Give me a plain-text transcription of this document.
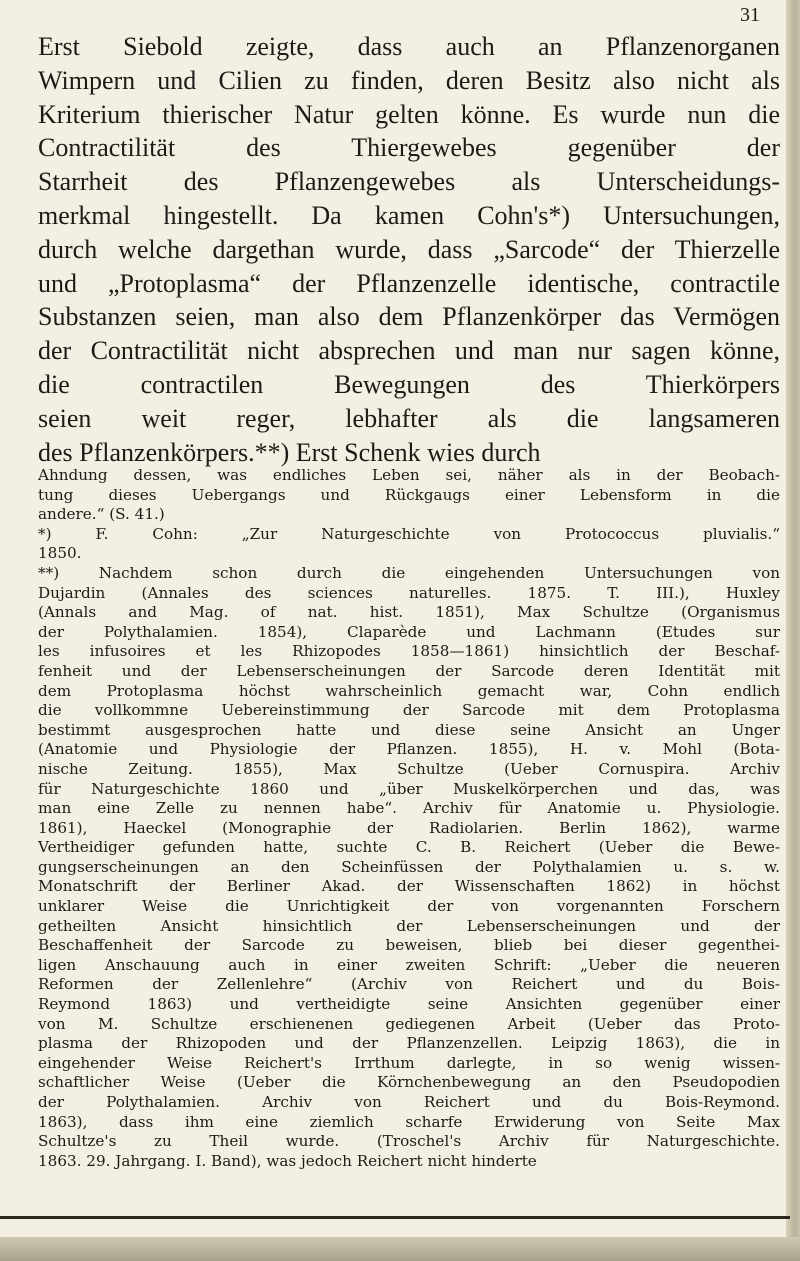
31
Erst Siebold zeigte, dass auch an Pflanzenorganen
Wimpern und Cilien zu finden, deren Besitz also nicht als
Kriterium thierischer Natur gelten könne. Es wurde nun die
Contractilität des Thiergewebes gegenüber der
Starrheit des Pflanzengewebes als Unterscheidungs-
merkmal hingestellt. Da kamen Cohn's*) Untersuchungen,
durch welche dargethan wurde, dass „Sarcode“ der Thierzelle
und „Protoplasma“ der Pflanzenzelle identische, contractile
Substanzen seien, man also dem Pflanzenkörper das Vermögen
der Contractilität nicht absprechen und man nur sagen könne,
die contractilen Bewegungen des Thierkörpers
seien weit reger, lebhafter als die langsameren
des Pflanzenkörpers.**) Erst Schenk wies durch
Ahndung dessen, was endliches Leben sei, näher als in der Beobach-
tung dieses Uebergangs und Rückgaugs einer Lebensform in die
andere.“ (S. 41.)
*) F. Cohn: „Zur Naturgeschichte von Protococcus pluvialis.“
1850.
**) Nachdem schon durch die eingehenden Untersuchungen von
Dujardin (Annales des sciences naturelles. 1875. T. III.), Huxley
(Annals and Mag. of nat. hist. 1851), Max Schultze (Organismus
der Polythalamien. 1854), Claparède und Lachmann (Etudes sur
les infusoires et les Rhizopodes 1858—1861) hinsichtlich der Beschaf-
fenheit und der Lebenserscheinungen der Sarcode deren Identität mit
dem Protoplasma höchst wahrscheinlich gemacht war, Cohn endlich
die vollkommne Uebereinstimmung der Sarcode mit dem Protoplasma
bestimmt ausgesprochen hatte und diese seine Ansicht an Unger
(Anatomie und Physiologie der Pflanzen. 1855), H. v. Mohl (Bota-
nische Zeitung. 1855), Max Schultze (Ueber Cornuspira. Archiv
für Naturgeschichte 1860 und „über Muskelkörperchen und das, was
man eine Zelle zu nennen habe“. Archiv für Anatomie u. Physiologie.
1861), Haeckel (Monographie der Radiolarien. Berlin 1862), warme
Vertheidiger gefunden hatte, suchte C. B. Reichert (Ueber die Bewe-
gungserscheinungen an den Scheinfüssen der Polythalamien u. s. w.
Monatschrift der Berliner Akad. der Wissenschaften 1862) in höchst
unklarer Weise die Unrichtigkeit der von vorgenannten Forschern
getheilten Ansicht hinsichtlich der Lebenserscheinungen und der
Beschaffenheit der Sarcode zu beweisen, blieb bei dieser gegenthei-
ligen Anschauung auch in einer zweiten Schrift: „Ueber die neueren
Reformen der Zellenlehre“ (Archiv von Reichert und du Bois-
Reymond 1863) und vertheidigte seine Ansichten gegenüber einer
von M. Schultze erschienenen gediegenen Arbeit (Ueber das Proto-
plasma der Rhizopoden und der Pflanzenzellen. Leipzig 1863), die in
eingehender Weise Reichert's Irrthum darlegte, in so wenig wissen-
schaftlicher Weise (Ueber die Körnchenbewegung an den Pseudopodien
der Polythalamien. Archiv von Reichert und du Bois-Reymond.
1863), dass ihm eine ziemlich scharfe Erwiderung von Seite Max
Schultze's zu Theil wurde. (Troschel's Archiv für Naturgeschichte.
1863. 29. Jahrgang. I. Band), was jedoch Reichert nicht hinderte
